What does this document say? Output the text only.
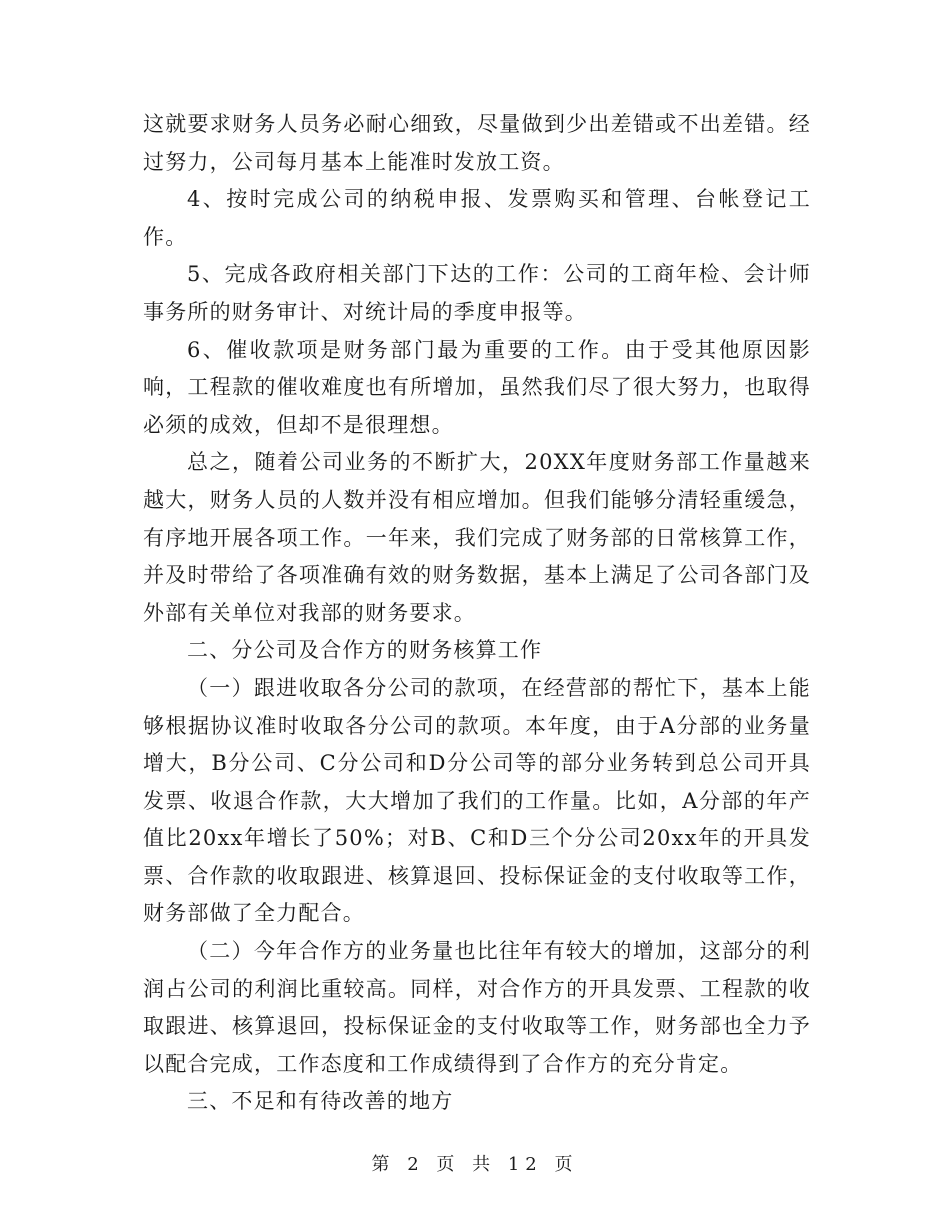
这就要求财务人员务必耐心细致，尽量做到少出差错或不出差错。经过努力，公司每月基本上能准时发放工资。

4、按时完成公司的纳税申报、发票购买和管理、台帐登记工作。

5、完成各政府相关部门下达的工作：公司的工商年检、会计师事务所的财务审计、对统计局的季度申报等。

6、催收款项是财务部门最为重要的工作。由于受其他原因影响，工程款的催收难度也有所增加，虽然我们尽了很大努力，也取得必须的成效，但却不是很理想。

总之，随着公司业务的不断扩大，20XX年度财务部工作量越来越大，财务人员的人数并没有相应增加。但我们能够分清轻重缓急，有序地开展各项工作。一年来，我们完成了财务部的日常核算工作，并及时带给了各项准确有效的财务数据，基本上满足了公司各部门及外部有关单位对我部的财务要求。

二、分公司及合作方的财务核算工作

（一）跟进收取各分公司的款项，在经营部的帮忙下，基本上能够根据协议准时收取各分公司的款项。本年度，由于A分部的业务量增大，B分公司、C分公司和D分公司等的部分业务转到总公司开具发票、收退合作款，大大增加了我们的工作量。比如，A分部的年产值比20xx年增长了50%；对B、C和D三个分公司20xx年的开具发票、合作款的收取跟进、核算退回、投标保证金的支付收取等工作，财务部做了全力配合。

（二）今年合作方的业务量也比往年有较大的增加，这部分的利润占公司的利润比重较高。同样，对合作方的开具发票、工程款的收取跟进、核算退回，投标保证金的支付收取等工作，财务部也全力予以配合完成，工作态度和工作成绩得到了合作方的充分肯定。

三、不足和有待改善的地方

第 2 页 共 12 页
